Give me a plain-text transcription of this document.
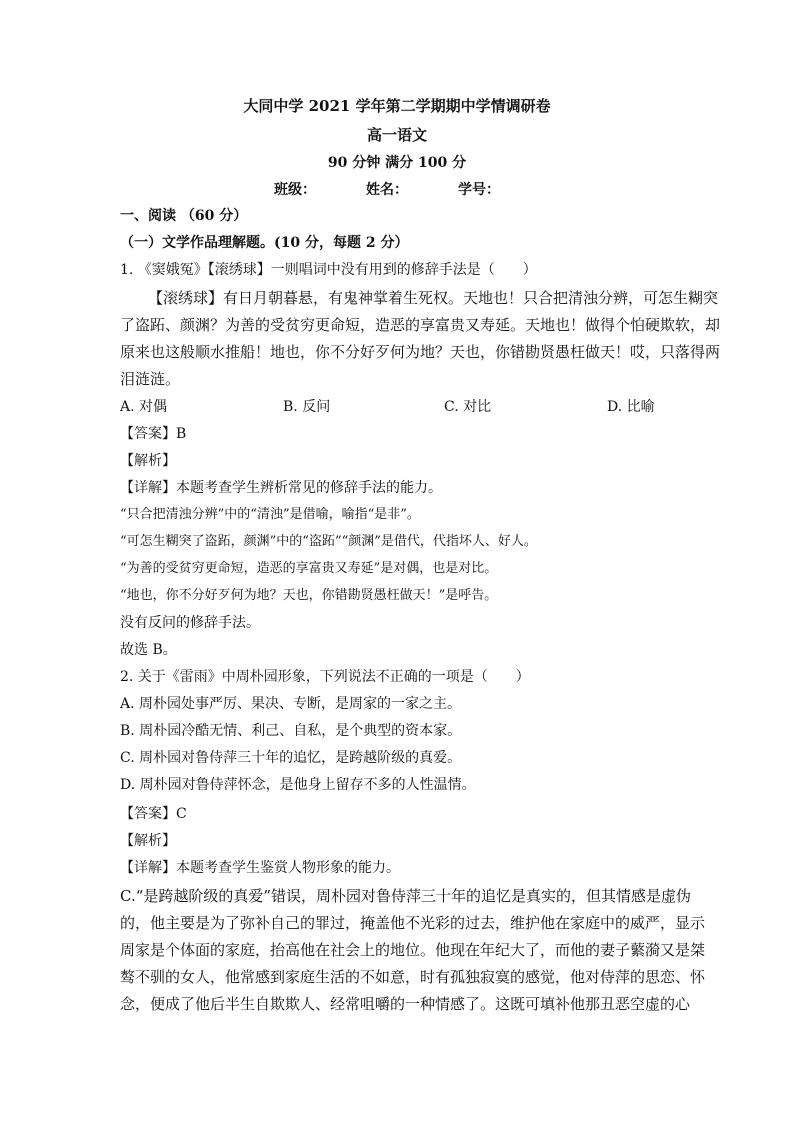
大同中学 2021 学年第二学期期中学情调研卷
高一语文
90 分钟 满分 100 分
班级：	姓名：	学号：
一、阅读 （60 分）
（一）文学作品理解题。(10 分，每题 2 分）
1. 《窦娥冤》【滚绣球】一则唱词中没有用到的修辞手法是（　　）
【滚绣球】有日月朝暮悬，有鬼神掌着生死权。天地也！只合把清浊分辨，可怎生糊突
了盗跖、颜渊？为善的受贫穷更命短，造恶的享富贵又寿延。天地也！做得个怕硬欺软，却
原来也这般顺水推船！地也，你不分好歹何为地？天也，你错勘贤愚枉做天！哎，只落得两
泪涟涟。
A. 对偶	B. 反问	C. 对比	D. 比喻
【答案】B
【解析】
【详解】本题考查学生辨析常见的修辞手法的能力。
“只合把清浊分辨”中的“清浊”是借喻，喻指“是非”。
“可怎生糊突了盗跖，颜渊”中的“盗跖”“颜渊”是借代，代指坏人、好人。
“为善的受贫穷更命短，造恶的享富贵又寿延”是对偶，也是对比。
“地也，你不分好歹何为地？天也，你错勘贤愚枉做天！”是呼告。
没有反问的修辞手法。
故选 B。
2. 关于《雷雨》中周朴园形象，下列说法不正确的一项是（　　）
A. 周朴园处事严厉、果决、专断，是周家的一家之主。
B. 周朴园冷酷无情、利己、自私，是个典型的资本家。
C. 周朴园对鲁侍萍三十年的追忆，是跨越阶级的真爱。
D. 周朴园对鲁侍萍怀念，是他身上留存不多的人性温情。
【答案】C
【解析】
【详解】本题考查学生鉴赏人物形象的能力。
C.“是跨越阶级的真爱”错误，周朴园对鲁侍萍三十年的追忆是真实的，但其情感是虚伪
的，他主要是为了弥补自己的罪过，掩盖他不光彩的过去，维护他在家庭中的威严，显示
周家是个体面的家庭，抬高他在社会上的地位。他现在年纪大了，而他的妻子蘩漪又是桀
骜不驯的女人，他常感到家庭生活的不如意，时有孤独寂寞的感觉，他对侍萍的思恋、怀
念，便成了他后半生自欺欺人、经常咀嚼的一种情感了。这既可填补他那丑恶空虚的心
